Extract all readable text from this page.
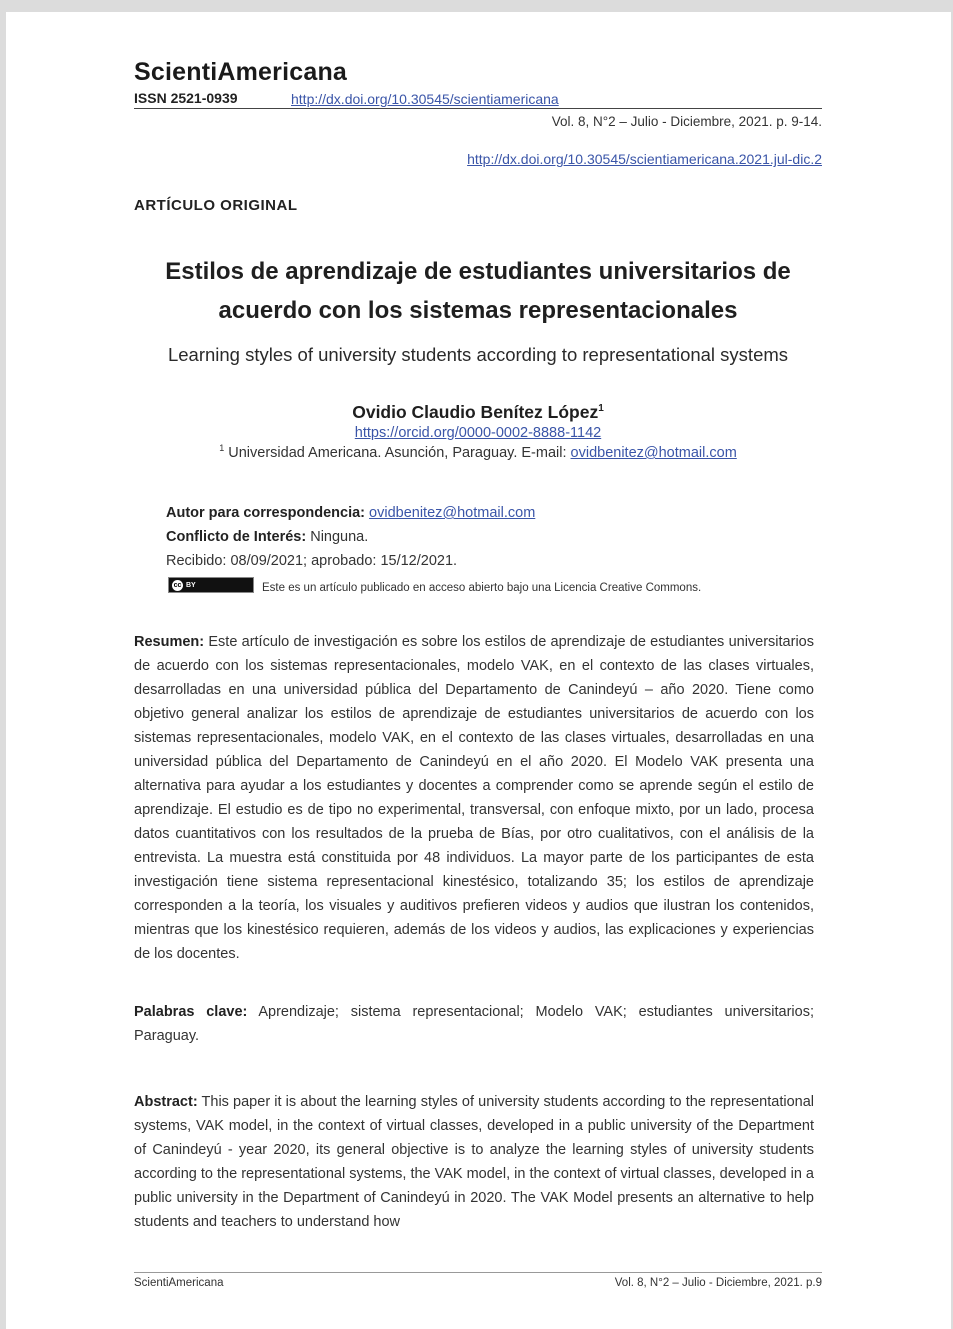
ScientiAmericana
ISSN 2521-0939	http://dx.doi.org/10.30545/scientiamericana
Vol. 8, N°2 – Julio - Diciembre, 2021. p. 9-14.
http://dx.doi.org/10.30545/scientiamericana.2021.jul-dic.2
ARTÍCULO ORIGINAL
Estilos de aprendizaje de estudiantes universitarios de
acuerdo con los sistemas representacionales
Learning styles of university students according to representational systems
Ovidio Claudio Benítez López$^1$
https://orcid.org/0000-0002-8888-1142
$^1$ Universidad Americana. Asunción, Paraguay. E-mail: ovidbenitez@hotmail.com
Autor para correspondencia: ovidbenitez@hotmail.com
Conflicto de Interés: Ninguna.
Recibido: 08/09/2021; aprobado: 15/12/2021.
cc BY	Este es un artículo publicado en acceso abierto bajo una Licencia Creative Commons.
Resumen: Este artículo de investigación es sobre los estilos de aprendizaje de estudiantes universitarios de acuerdo con los sistemas representacionales, modelo VAK, en el contexto de las clases virtuales, desarrolladas en una universidad pública del Departamento de Canindeyú – año 2020. Tiene como objetivo general analizar los estilos de aprendizaje de estudiantes universitarios de acuerdo con los sistemas representacionales, modelo VAK, en el contexto de las clases virtuales, desarrolladas en una universidad pública del Departamento de Canindeyú en el año 2020. El Modelo VAK presenta una alternativa para ayudar a los estudiantes y docentes a comprender como se aprende según el estilo de aprendizaje. El estudio es de tipo no experimental, transversal, con enfoque mixto, por un lado, procesa datos cuantitativos con los resultados de la prueba de Bías, por otro cualitativos, con el análisis de la entrevista. La muestra está constituida por 48 individuos. La mayor parte de los participantes de esta investigación tiene sistema representacional kinestésico, totalizando 35; los estilos de aprendizaje corresponden a la teoría, los visuales y auditivos prefieren videos y audios que ilustran los contenidos, mientras que los kinestésico requieren, además de los videos y audios, las explicaciones y experiencias de los docentes.
Palabras clave: Aprendizaje; sistema representacional; Modelo VAK; estudiantes universitarios; Paraguay.
Abstract: This paper it is about the learning styles of university students according to the representational systems, VAK model, in the context of virtual classes, developed in a public university of the Department of Canindeyú - year 2020, its general objective is to analyze the learning styles of university students according to the representational systems, the VAK model, in the context of virtual classes, developed in a public university in the Department of Canindeyú in 2020. The VAK Model presents an alternative to help students and teachers to understand how
ScientiAmericana	Vol. 8, N°2 – Julio - Diciembre, 2021. p.9
